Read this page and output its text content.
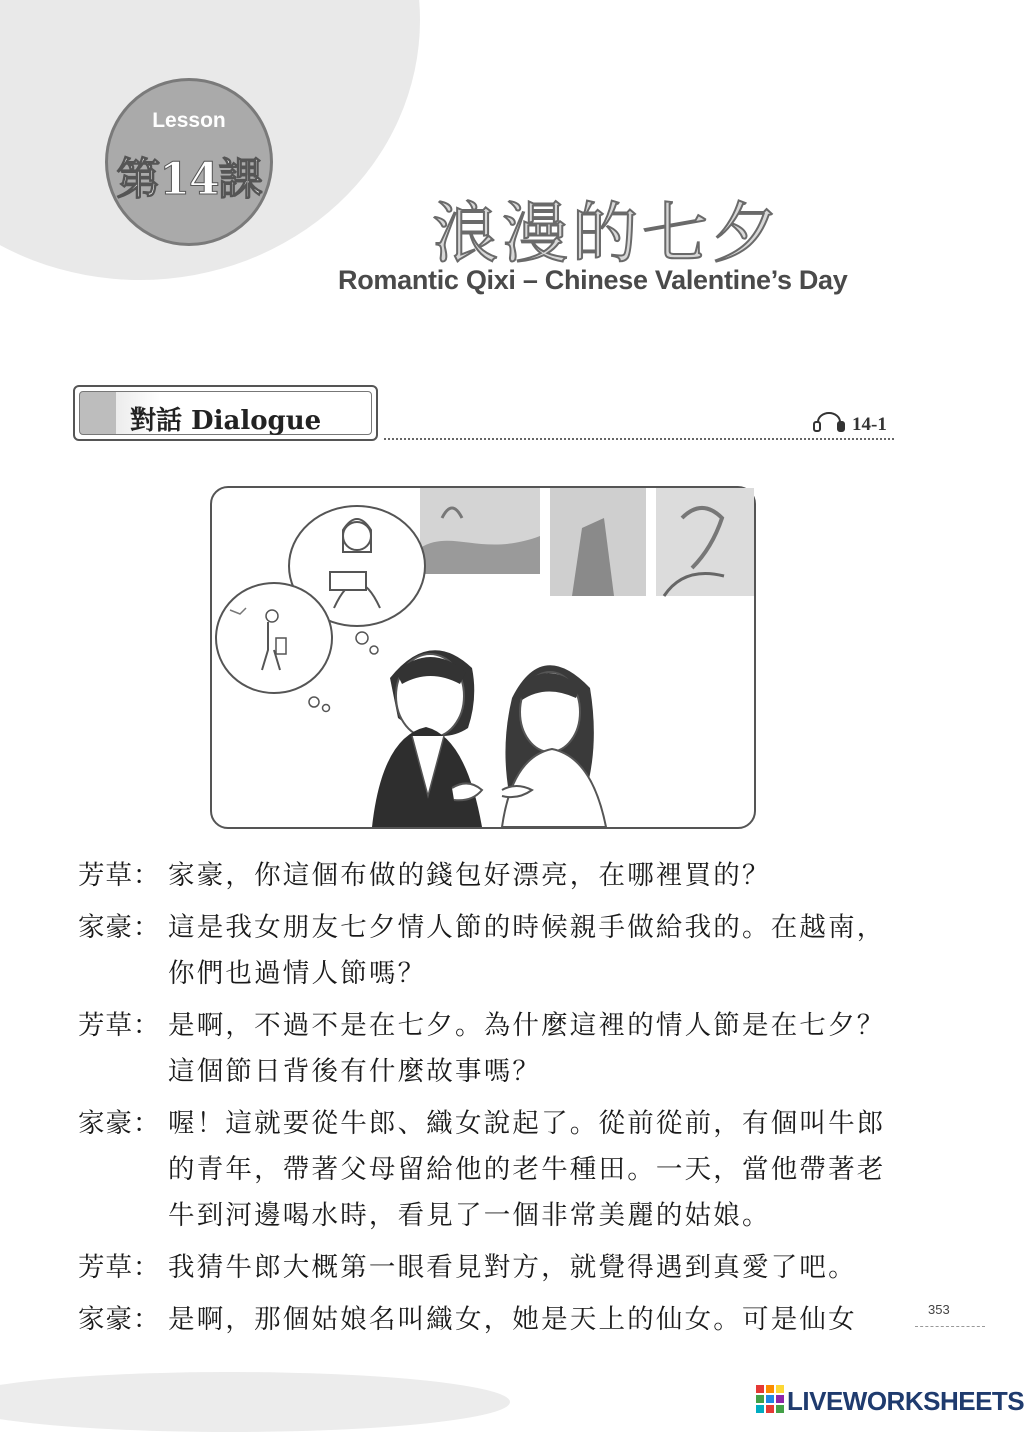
Lesson
第14課
浪漫的七夕
Romantic Qixi – Chinese Valentine’s Day
對話 Dialogue	14-1
芳草： 家豪，你這個布做的錢包好漂亮，在哪裡買的？
家豪： 這是我女朋友七夕情人節的時候親手做給我的。在越南，你們也過情人節嗎？
芳草： 是啊，不過不是在七夕。為什麼這裡的情人節是在七夕？這個節日背後有什麼故事嗎？
家豪： 喔！這就要從牛郎、織女說起了。從前從前，有個叫牛郎的青年，帶著父母留給他的老牛種田。一天，當他帶著老牛到河邊喝水時，看見了一個非常美麗的姑娘。
芳草： 我猜牛郎大概第一眼看見對方，就覺得遇到真愛了吧。
家豪： 是啊，那個姑娘名叫織女，她是天上的仙女。可是仙女	353
LIVEWORKSHEETS
